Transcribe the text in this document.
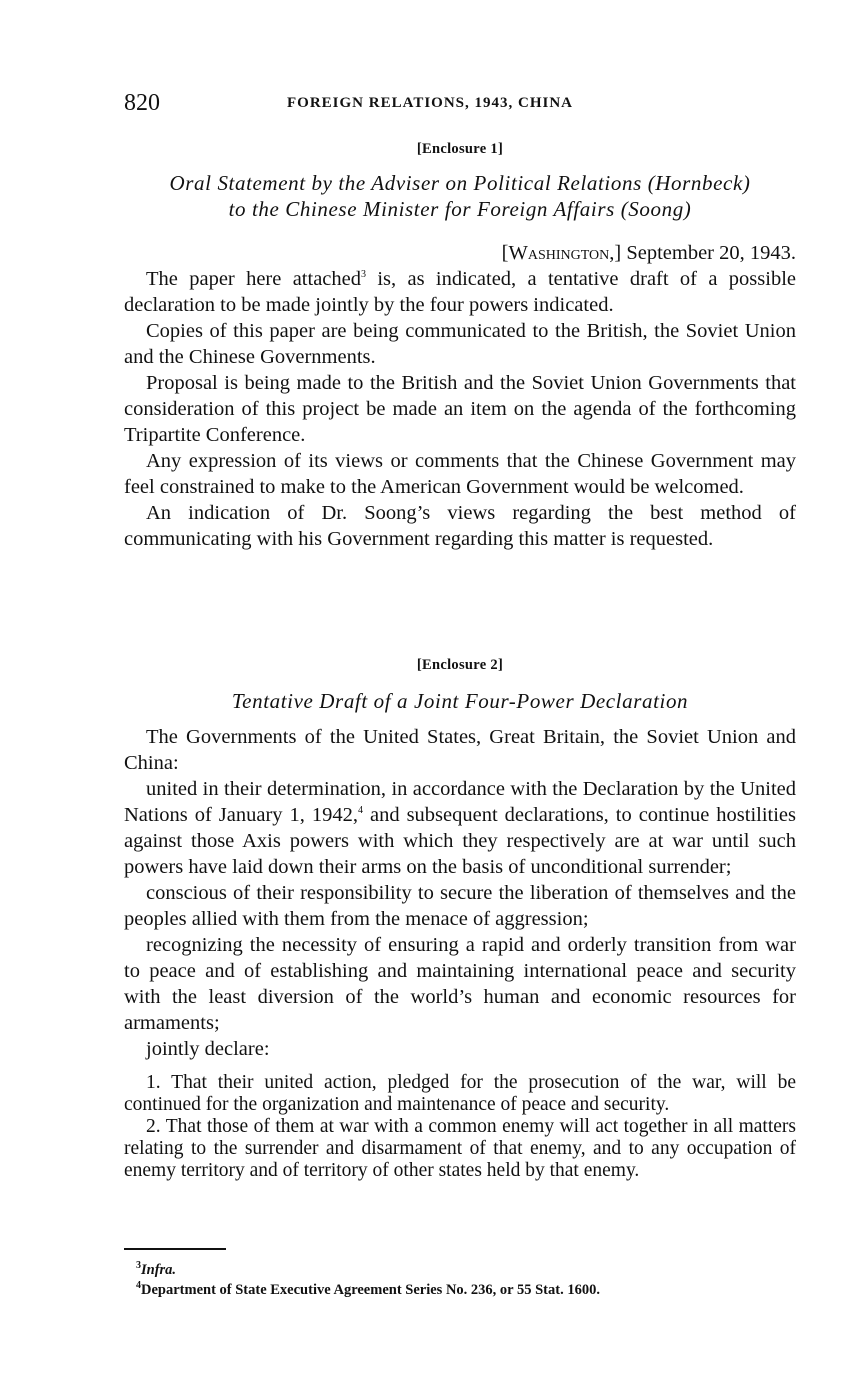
820	FOREIGN RELATIONS, 1943, CHINA
[Enclosure 1]
Oral Statement by the Adviser on Political Relations (Hornbeck)
to the Chinese Minister for Foreign Affairs (Soong)
[Washington,] September 20, 1943.

The paper here attached$^3$ is, as indicated, a tentative draft of a possible declaration to be made jointly by the four powers indicated.

Copies of this paper are being communicated to the British, the Soviet Union and the Chinese Governments.

Proposal is being made to the British and the Soviet Union Governments that consideration of this project be made an item on the agenda of the forthcoming Tripartite Conference.

Any expression of its views or comments that the Chinese Government may feel constrained to make to the American Government would be welcomed.

An indication of Dr. Soong’s views regarding the best method of communicating with his Government regarding this matter is requested.

[Enclosure 2]
Tentative Draft of a Joint Four-Power Declaration

The Governments of the United States, Great Britain, the Soviet Union and China:

united in their determination, in accordance with the Declaration by the United Nations of January 1, 1942,$^4$ and subsequent declarations, to continue hostilities against those Axis powers with which they respectively are at war until such powers have laid down their arms on the basis of unconditional surrender;

conscious of their responsibility to secure the liberation of themselves and the peoples allied with them from the menace of aggression;

recognizing the necessity of ensuring a rapid and orderly transition from war to peace and of establishing and maintaining international peace and security with the least diversion of the world’s human and economic resources for armaments;

jointly declare:

1. That their united action, pledged for the prosecution of the war, will be continued for the organization and maintenance of peace and security.

2. That those of them at war with a common enemy will act together in all matters relating to the surrender and disarmament of that enemy, and to any occupation of enemy territory and of territory of other states held by that enemy.

$^3$Infra.
$^4$Department of State Executive Agreement Series No. 236, or 55 Stat. 1600.
